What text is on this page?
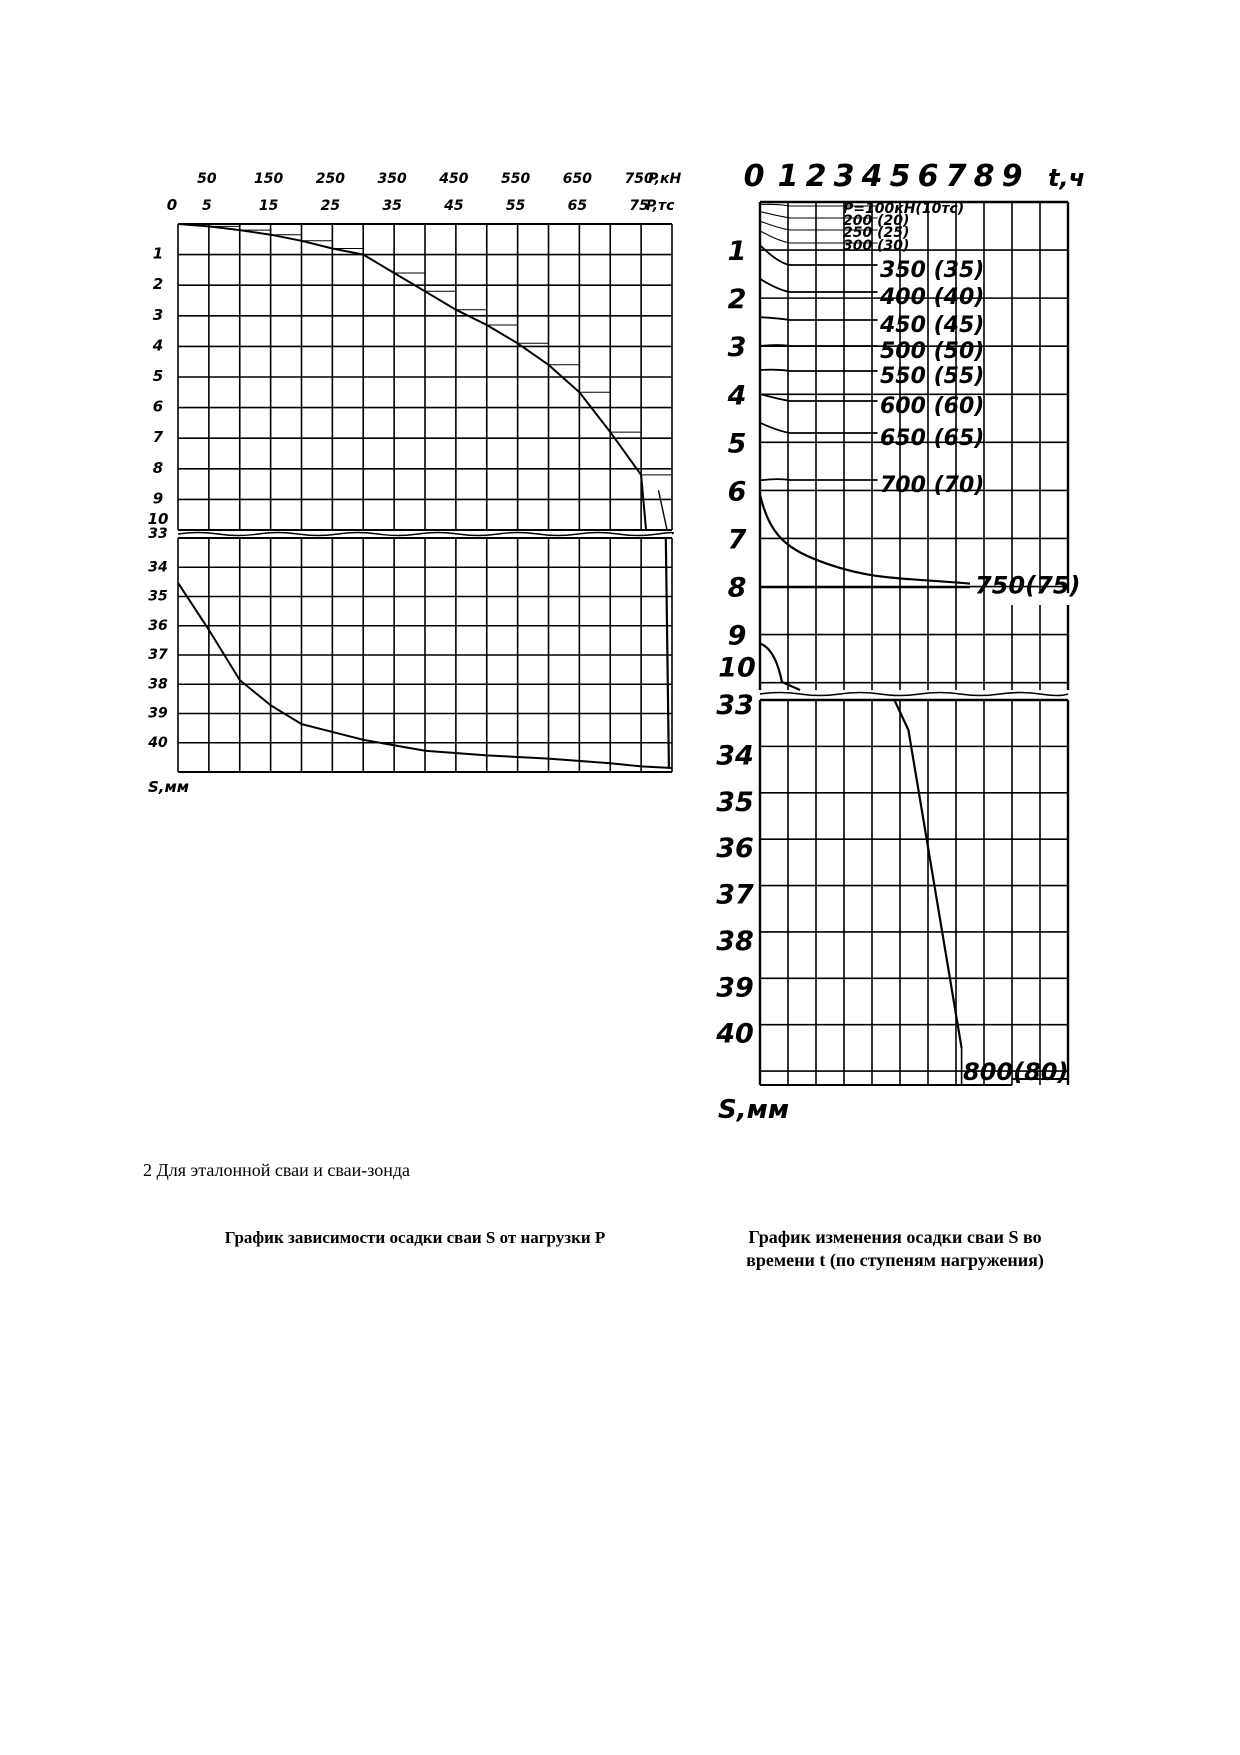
50	150 250 350 450 550 650 750
5	15	25	35	45	55	65	75
0
P,кН
P,тс
1
2
3
4
5
6
7
8
9
10
33
34
35
36
37
38
39
40
S,мм
0 1 2 3 4 5 6 7 8 9 t,ч
1
2
3
4
5
6
7
8
9
10
33
34
35
36
37
38
39
40
S,мм
P=100кН(10тс)
200 (20)
250 (25)
300 (30)
350 (35)
400 (40)
450 (45)
500 (50)
550 (55)
600 (60)
650 (65)
700 (70)
750(75)
800(80)
2 Для эталонной сваи и сваи-зонда
График зависимости осадки сваи S от нагрузки P	График изменения осадки сваи S во времени t (по ступеням нагружения)
